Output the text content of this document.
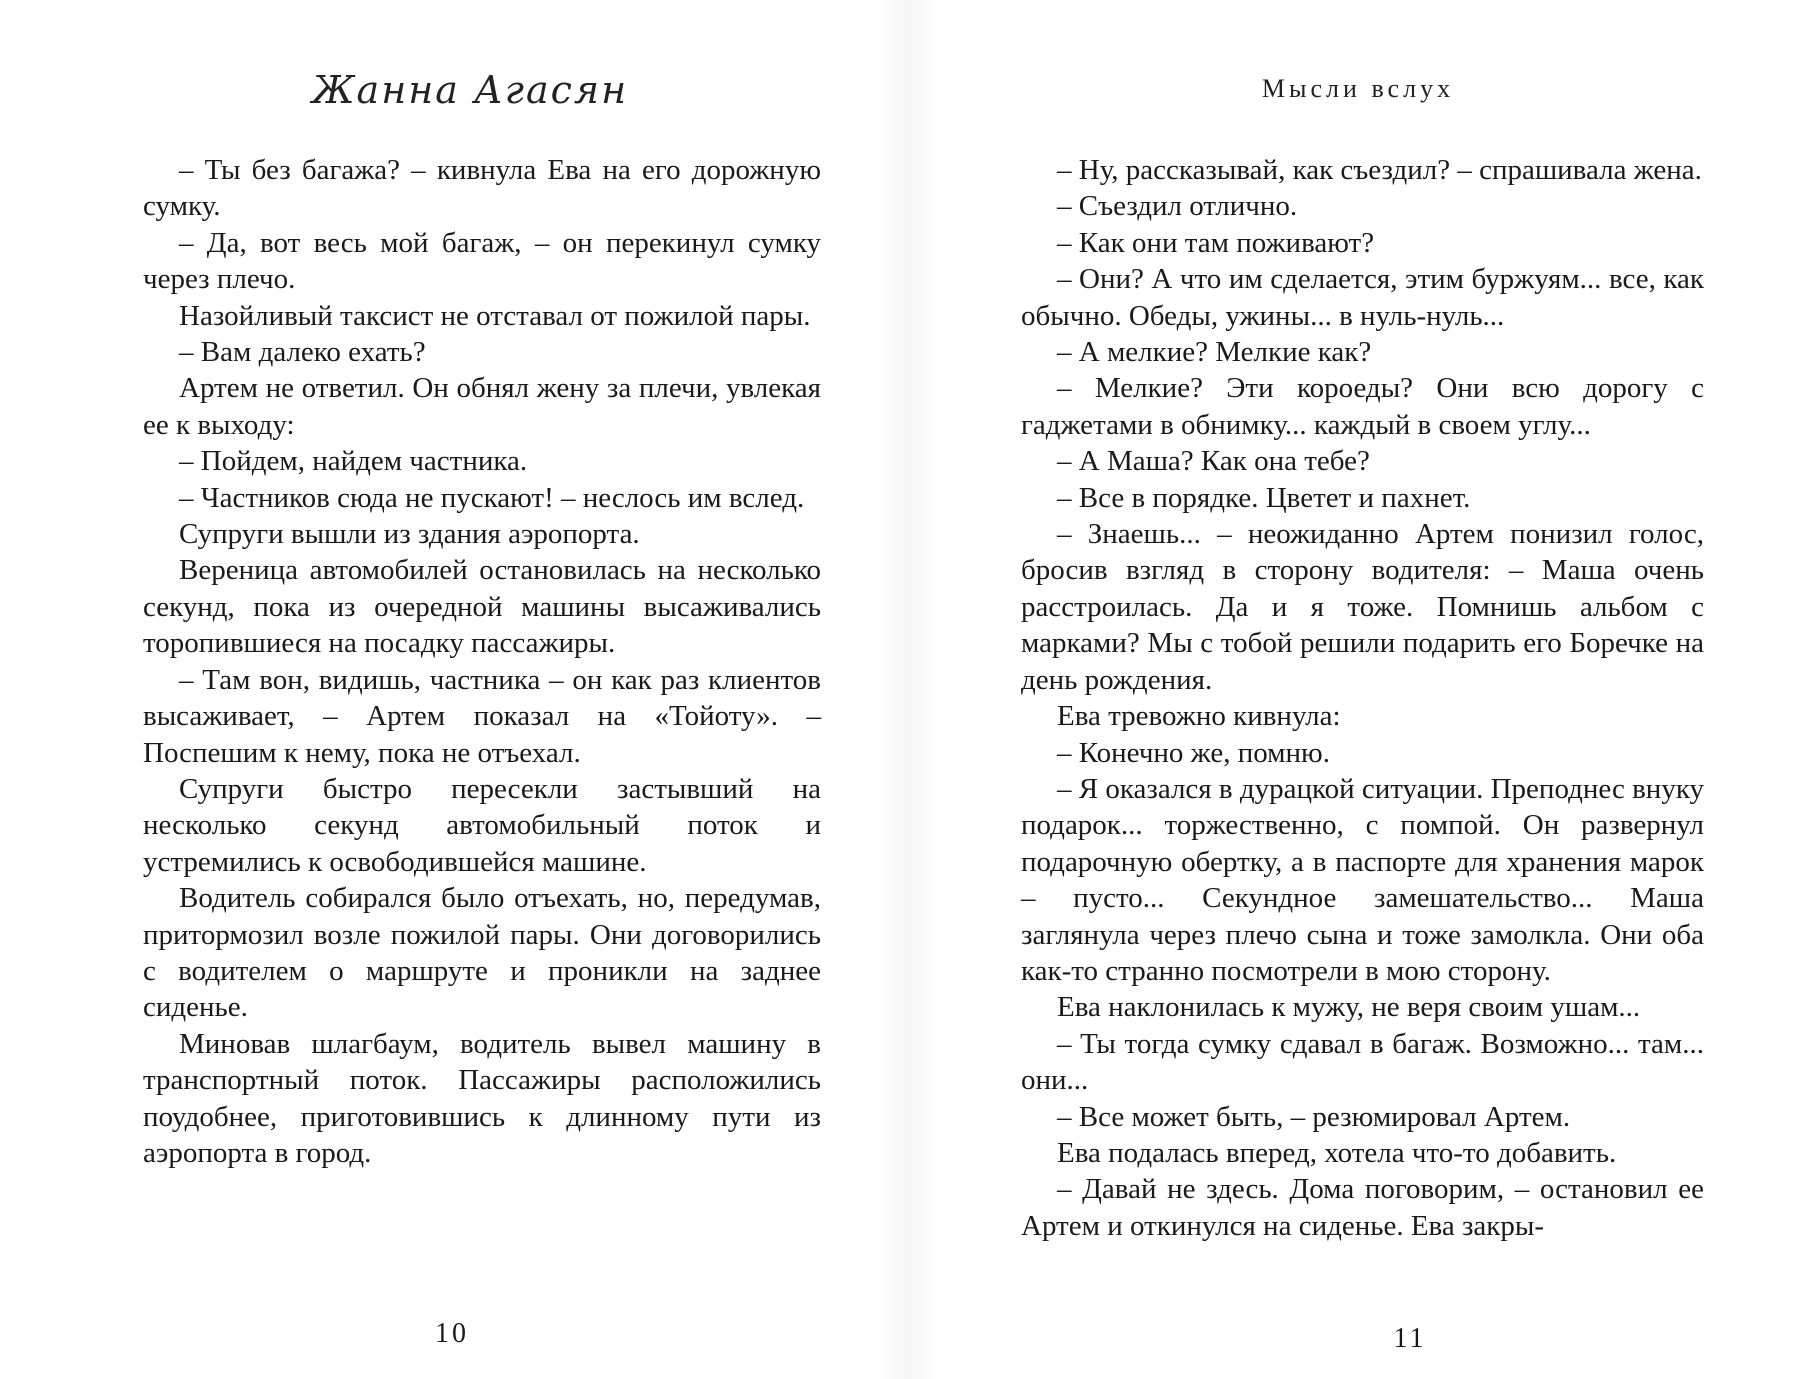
Жанна Агасян

– Ты без багажа? – кивнула Ева на его дорожную сумку.

– Да, вот весь мой багаж, – он перекинул сумку через плечо.

Назойливый таксист не отставал от пожилой пары.

– Вам далеко ехать?

Артем не ответил. Он обнял жену за плечи, увлекая ее к выходу:

– Пойдем, найдем частника.

– Частников сюда не пускают! – неслось им вслед.

Супруги вышли из здания аэропорта.

Вереница автомобилей остановилась на несколько секунд, пока из очередной машины высаживались торопившиеся на посадку пассажиры.

– Там вон, видишь, частника – он как раз клиентов высаживает, – Артем показал на «Тойоту». – Поспешим к нему, пока не отъехал.

Супруги быстро пересекли застывший на несколько секунд автомобильный поток и устремились к освободившейся машине.

Водитель собирался было отъехать, но, передумав, притормозил возле пожилой пары. Они договорились с водителем о маршруте и проникли на заднее сиденье.

Миновав шлагбаум, водитель вывел машину в транспортный поток. Пассажиры расположились поудобнее, приготовившись к длинному пути из аэропорта в город.

10
Мысли вслух

– Ну, рассказывай, как съездил? – спрашивала жена.

– Съездил отлично.

– Как они там поживают?

– Они? А что им сделается, этим буржуям... все, как обычно. Обеды, ужины... в нуль-нуль...

– А мелкие? Мелкие как?

– Мелкие? Эти короеды? Они всю дорогу с гаджетами в обнимку... каждый в своем углу...

– А Маша? Как она тебе?

– Все в порядке. Цветет и пахнет.

– Знаешь... – неожиданно Артем понизил голос, бросив взгляд в сторону водителя: – Маша очень расстроилась. Да и я тоже. Помнишь альбом с марками? Мы с тобой решили подарить его Боречке на день рождения.

Ева тревожно кивнула:

– Конечно же, помню.

– Я оказался в дурацкой ситуации. Преподнес внуку подарок... торжественно, с помпой. Он развернул подарочную обертку, а в паспорте для хранения марок – пусто... Секундное замешательство... Маша заглянула через плечо сына и тоже замолкла. Они оба как-то странно посмотрели в мою сторону.

Ева наклонилась к мужу, не веря своим ушам...

– Ты тогда сумку сдавал в багаж. Возможно... там... они...

– Все может быть, – резюмировал Артем.

Ева подалась вперед, хотела что-то добавить.

– Давай не здесь. Дома поговорим, – остановил ее Артем и откинулся на сиденье. Ева закры-

11
